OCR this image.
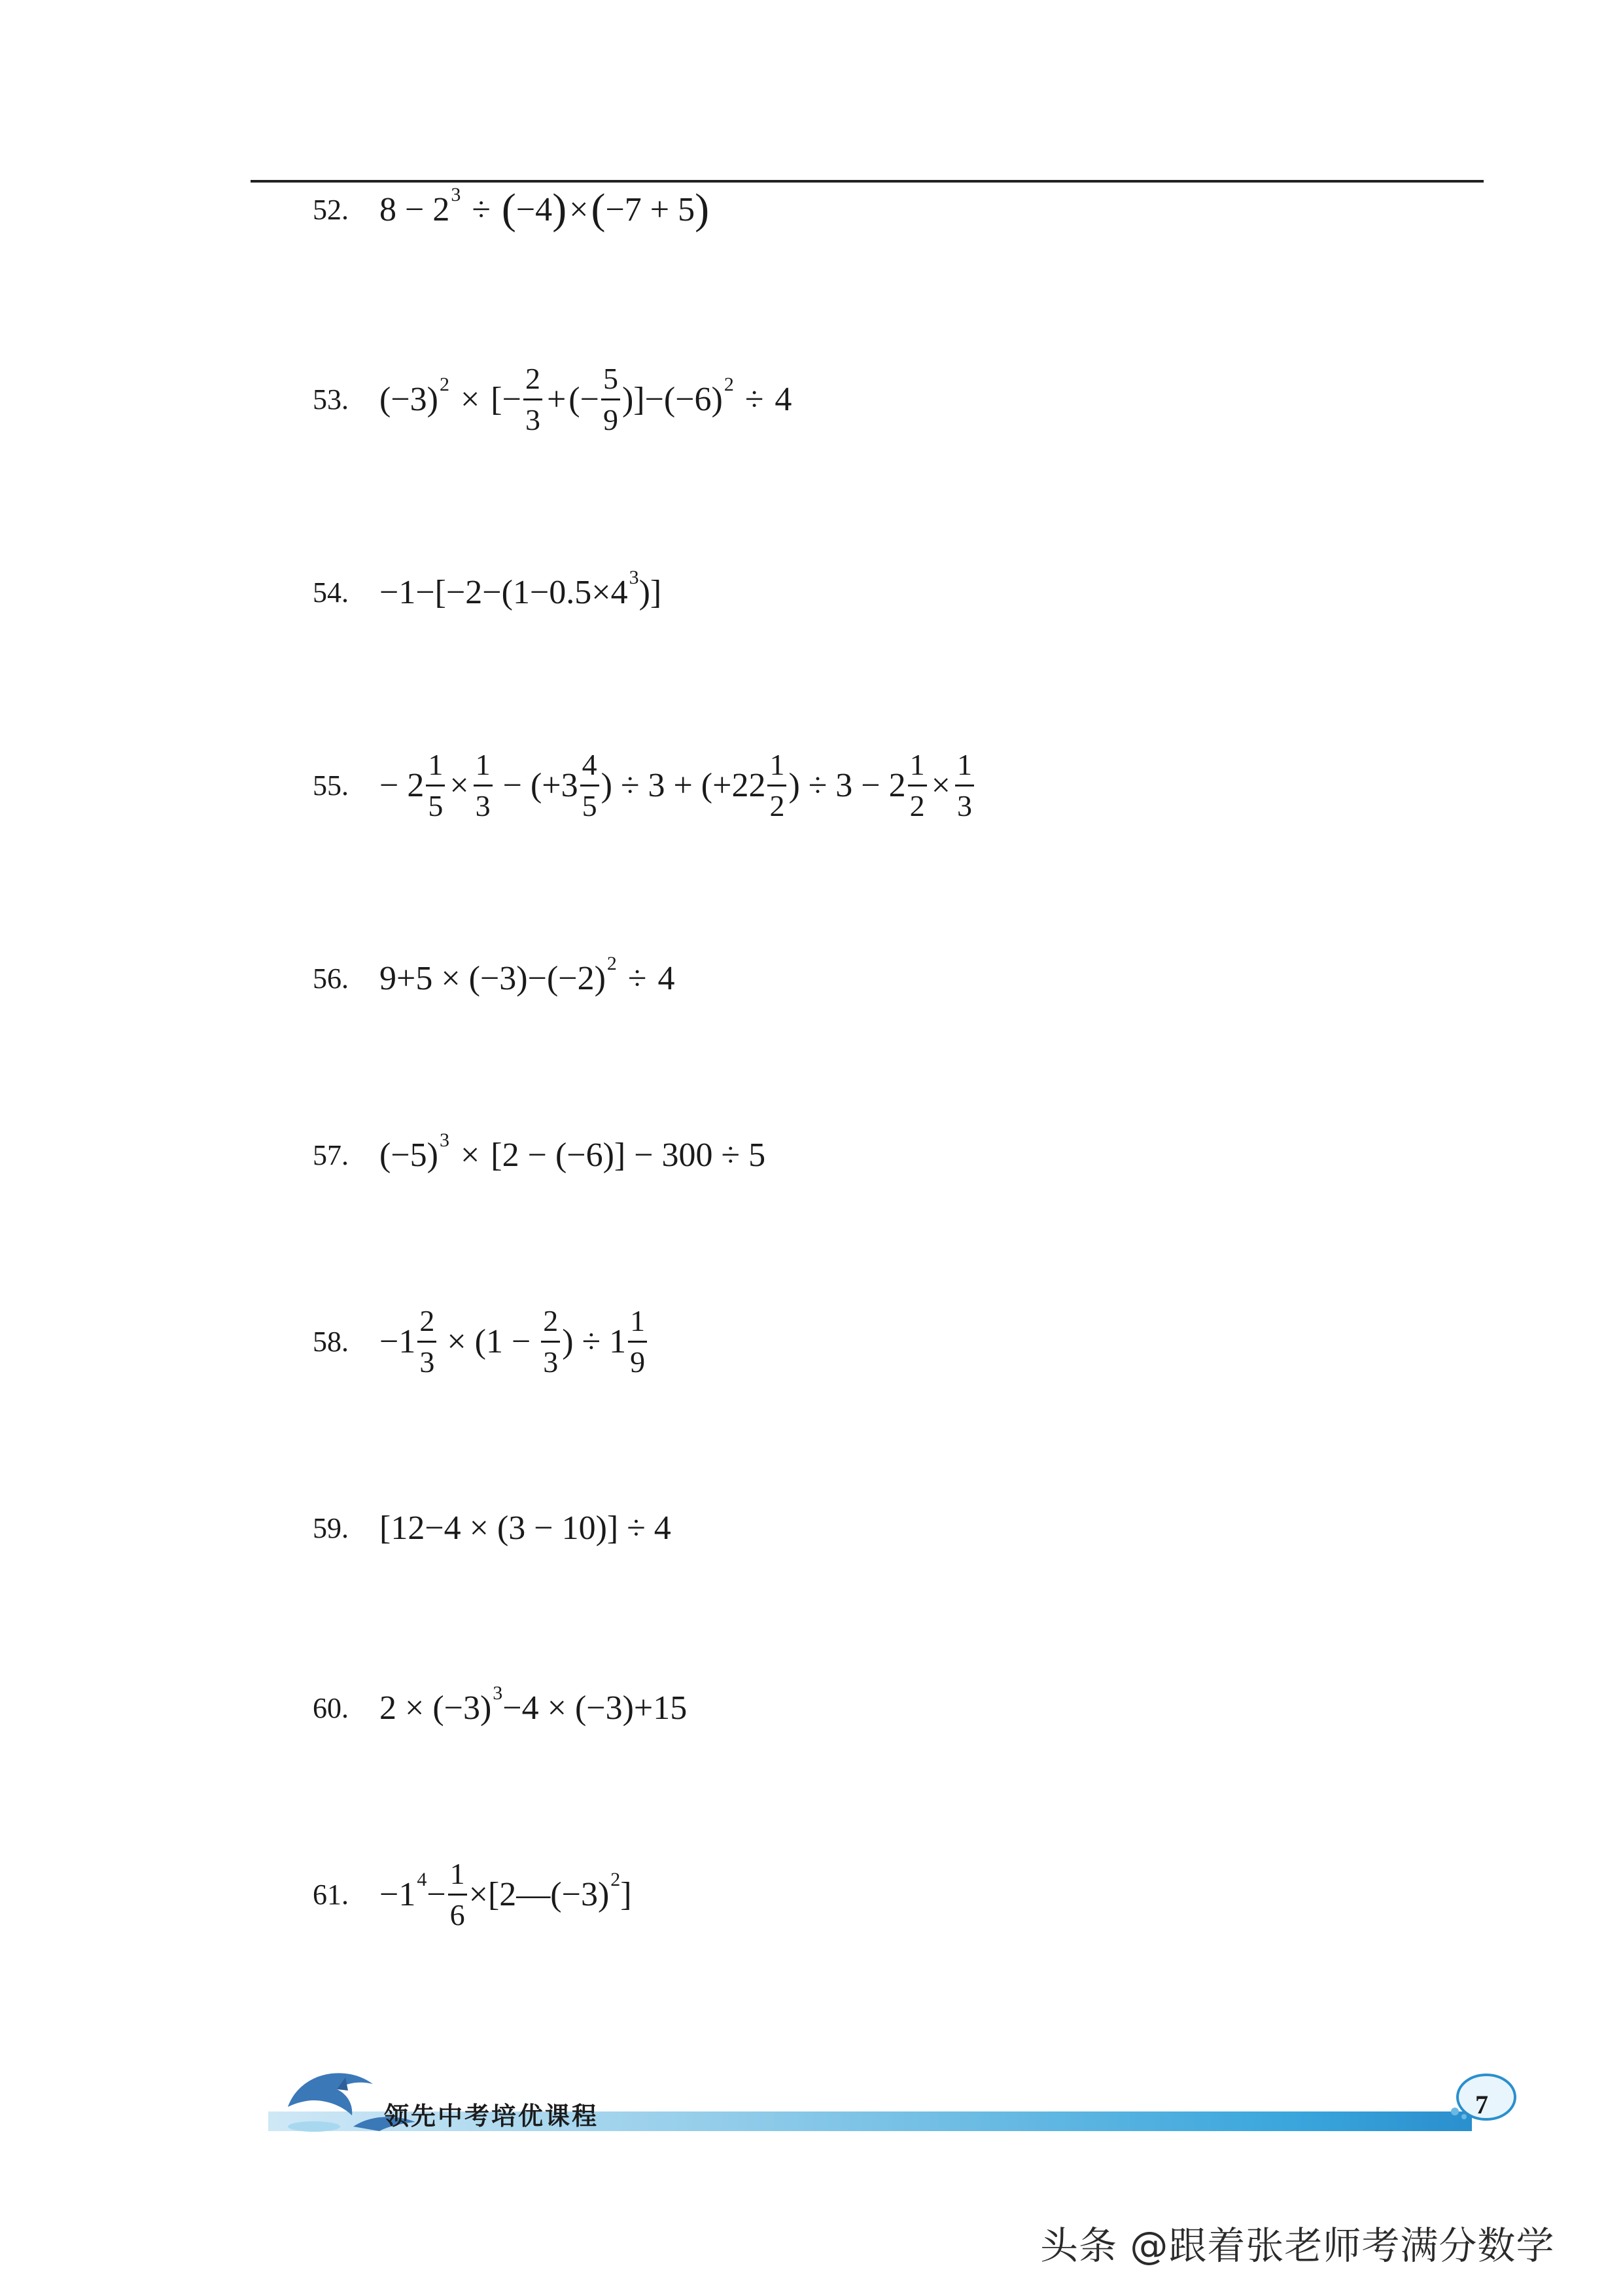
52. 8 − 2 3 ÷ ( −4 ) × ( −7 + 5 )
53. (−3) 2 × [− $\frac{2}{3}$ + (− $\frac{5}{9} )]-(-6)$ 2 ÷ 4
54. −1−[−2−(1−0.5×4 3 )]
55. − $2 \frac{1}{5} \times \frac{1}{3} - (+3 \frac{4}{5}$ ) ÷ $3 + (+22 \frac{1}{2}$ ) ÷ $3 - 2 \frac{1}{2} \times \frac{1}{3}$
56. 9+5 × (−3)−(−2) 2 ÷ 4
57. (−5) 3 × [2 − (−6)] − 300 ÷ 5
58. $-1 \frac{2}{3} \times (1 - \frac{2}{3}$ ) ÷ $1 \frac{1}{9}$
59. [12−4 × (3 − 10)] ÷ 4
60. 2 × (−3) 3 −4 × (−3)+15
61. −1 $4 - \frac{1}{6}$ ×[2—(−3) 2 ]
领先中考培优课程	7
头条 @跟着张老师考满分数学
